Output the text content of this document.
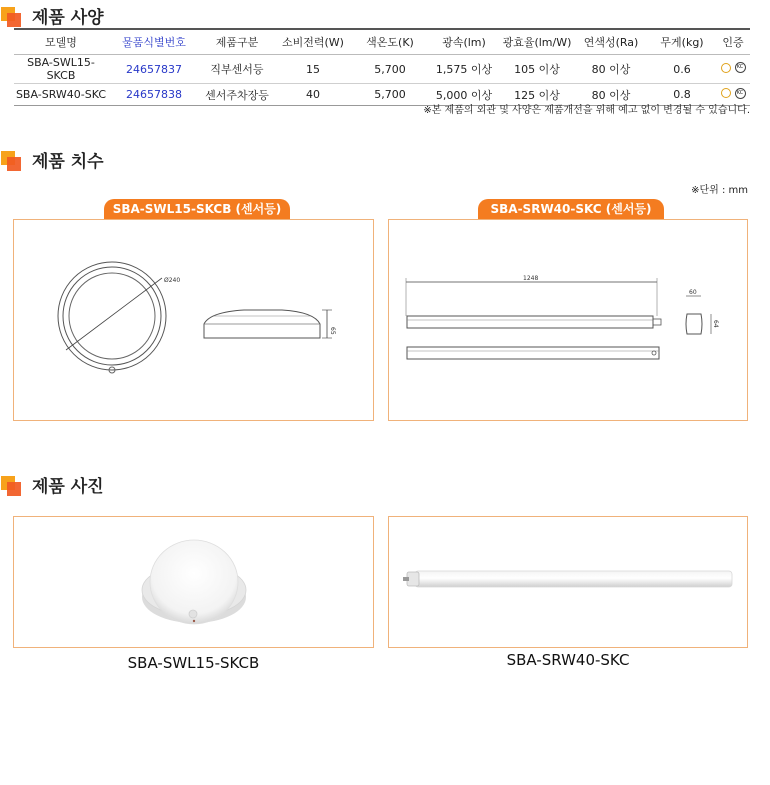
제품 사양
모델명	물품식별번호	제품구분	소비전력(W)	색온도(K)	광속(lm)	광효율(lm/W)	연색성(Ra)	무게(kg)	인증
SBA-SWL15-SKCB	24657837	직부센서등	15	5,700	1,575 이상	105 이상	80 이상	0.6	KC

SBA-SRW40-SKC	24657838	센서주차장등	40	5,700	5,000 이상	125 이상	80 이상	0.8	KC
※본 제품의 외관 및 사양은 제품개선을 위해 예고 없이 변경될 수 있습니다.
제품 치수
※단위 : mm
SBA-SWL15-SKCB (센서등)	SBA-SRW40-SKC (센서등)
Ø240
65
1248
60
64
제품 사진
SBA-SWL15-SKCB	SBA-SRW40-SKC
